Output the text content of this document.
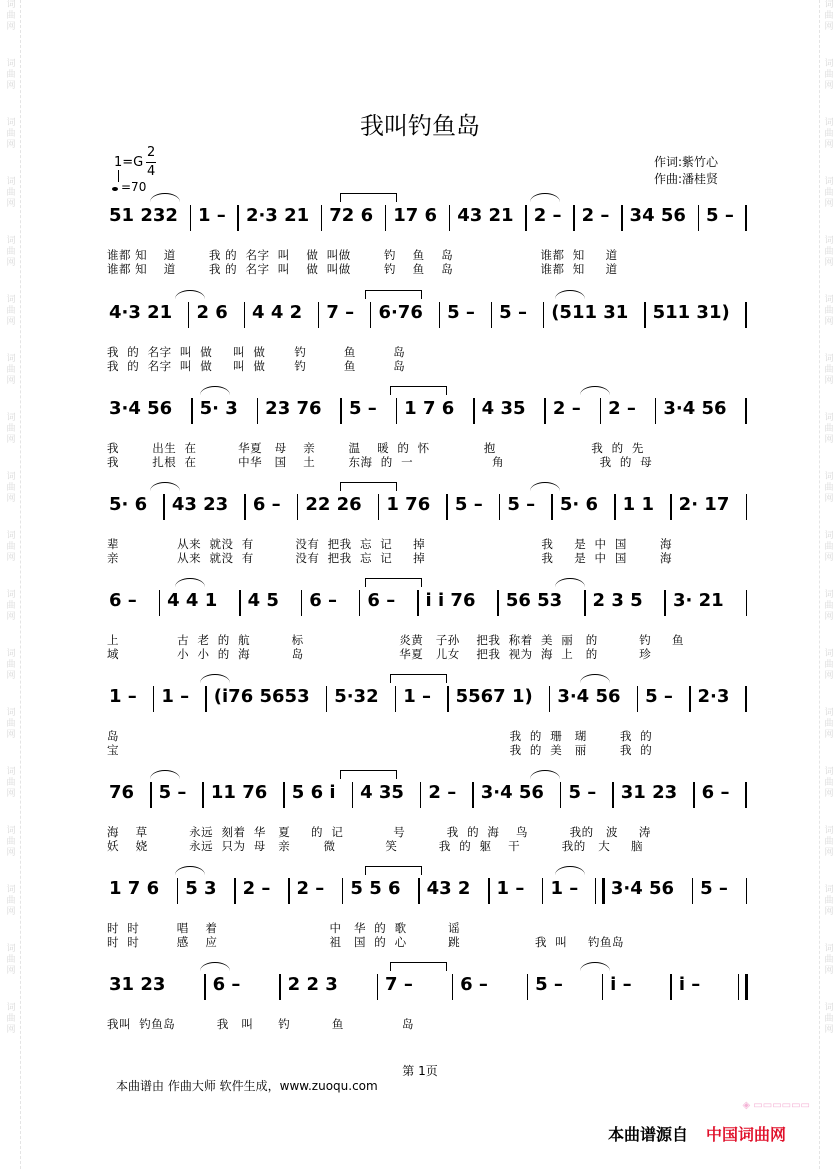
词
曲
网
词
曲
网
词
曲
网
词
曲
网
词
曲
网
词
曲
网
词
曲
网
词
曲
网
词
曲
网
词
曲
网
词
曲
网
词
曲
网
词
曲
网
词
曲
网
词
曲
网
词
曲
网
词
曲
网
词
曲
网
词
曲
网
词
曲
网
词
曲
网
词
曲
网
词
曲
网
词
曲
网
词
曲
网
词
曲
网
词
曲
网
词
曲
网
词
曲
网
词
曲
网
词
曲
网
词
曲
网
词
曲
网
词
曲
网
词
曲
网
词
曲
网
我叫钓鱼岛
1=G
2
4
=70
作词:紫竹心
作曲:潘桂贤
51 232	1 –	2·3 21	72 6	17 6	43 21	2 –	2 –	34 56	5 –
谁都 知    道        我 的  名字  叫    做  叫做        钓    鱼    岛                     谁都  知     道
谁都 知    道        我 的  名字  叫    做  叫做        钓    鱼    岛                     谁都  知     道
4·3 21	2 6	4 4 2	7 –	6·76	5 –	5 –	(511 31	511 31)
我  的  名字  叫  做     叫  做       钓         鱼         岛
我  的  名字  叫  做     叫  做       钓         鱼         岛
3·4 56	5· 3	23 76	5 –	1 7 6	4 35	2 –	2 –	3·4 56
我        出生  在          华夏   母    亲        温    暖  的  怀             抱                       我  的  先
我        扎根  在          中华   国    土        东海  的  一                   角                       我  的  母
5· 6	43 23	6 –	22 26	1 76	5 –	5 –	5· 6	1 1	2· 17
辈              从来  就没  有          没有  把我  忘  记     掉                            我     是  中  国        海
亲              从来  就没  有          没有  把我  忘  记     掉                            我     是  中  国        海
6 –	4 4 1	4 5	6 –	6 –	i i 76	56 53	2 3 5	3· 21
上              古  老  的  航          标                       炎黄   子孙    把我  称着  美  丽   的          钓     鱼
域              小  小  的  海          岛                       华夏   儿女    把我  视为  海  上   的          珍
1 –	1 –	(i76 5653	5·32	1 –	5567 1)	3·4 56	5 –	2·3
岛                                                                                              我  的  珊   瑚        我  的
宝                                                                                              我  的  美   丽        我  的
76	5 –	11 76	5 6 i	4 35	2 –	3·4 56	5 –	31 23	6 –
海    草          永远  刻着  华   夏     的  记            号          我  的  海    鸟          我的   波     涛
妖    娆          永远  只为  母   亲        微            笑          我  的  躯    干          我的   大     脑
1 7 6	5 3	2 –	2 –	5 5 6	43 2	1 –	1 –	3·4 56	5 –
时  时         唱    着                           中   华  的  歌          谣
时  时         感    应                           祖   国  的  心          跳                  我  叫     钓鱼岛
31 23	6 –	2 2 3	7 –	6 –	5 –	i –	i –
我叫  钓鱼岛          我   叫      钓          鱼              岛
第 1页
本曲谱由 作曲大师 软件生成，www.zuoqu.com
◈ ▭▭▭▭▭▭
本曲谱源自 中国词曲网
